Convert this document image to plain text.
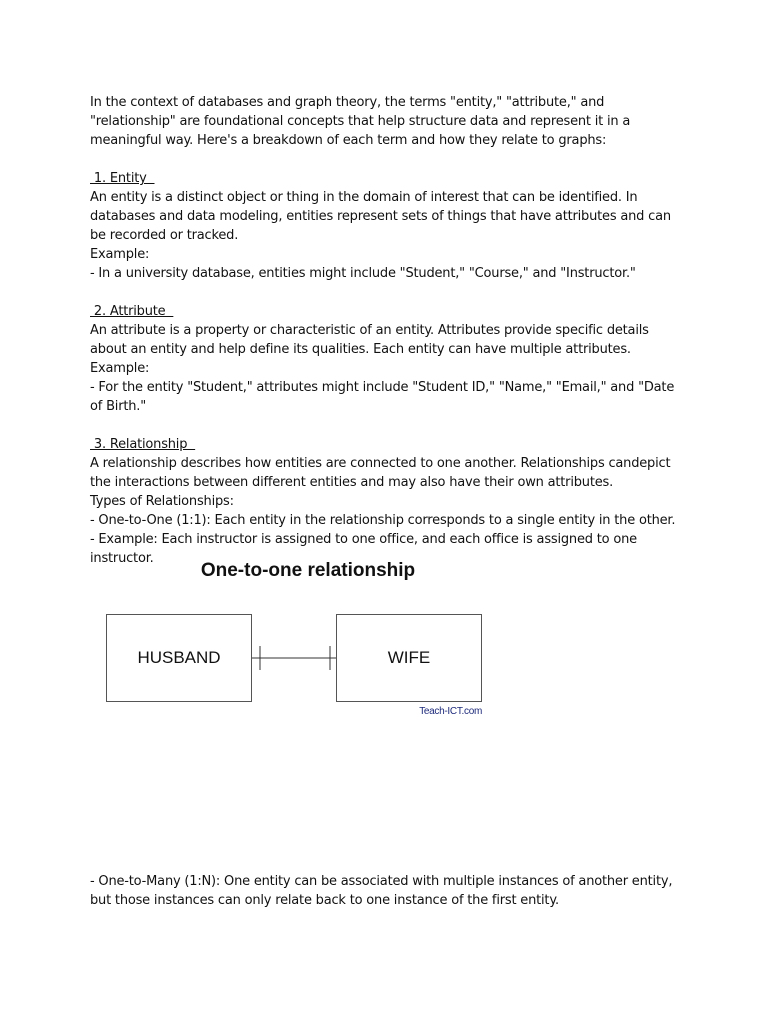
In the context of databases and graph theory, the terms "entity," "attribute," and "relationship" are foundational concepts that help structure data and represent it in a meaningful way. Here's a breakdown of each term and how they relate to graphs:

1. Entity

An entity is a distinct object or thing in the domain of interest that can be identified. In databases and data modeling, entities represent sets of things that have attributes and can be recorded or tracked.

Example:

- In a university database, entities might include "Student," "Course," and "Instructor."

2. Attribute

An attribute is a property or characteristic of an entity. Attributes provide specific details about an entity and help define its qualities. Each entity can have multiple attributes.

Example:

- For the entity "Student," attributes might include "Student ID," "Name," "Email," and "Date of Birth."

3. Relationship

A relationship describes how entities are connected to one another. Relationships candepict the interactions between different entities and may also have their own attributes.

Types of Relationships:

- One-to-One (1:1): Each entity in the relationship corresponds to a single entity in the other.

- Example: Each instructor is assigned to one office, and each office is assigned to one instructor.

One-to-one relationship
HUSBAND	WIFE
Teach-ICT.com

- One-to-Many (1:N): One entity can be associated with multiple instances of another entity, but those instances can only relate back to one instance of the first entity.
